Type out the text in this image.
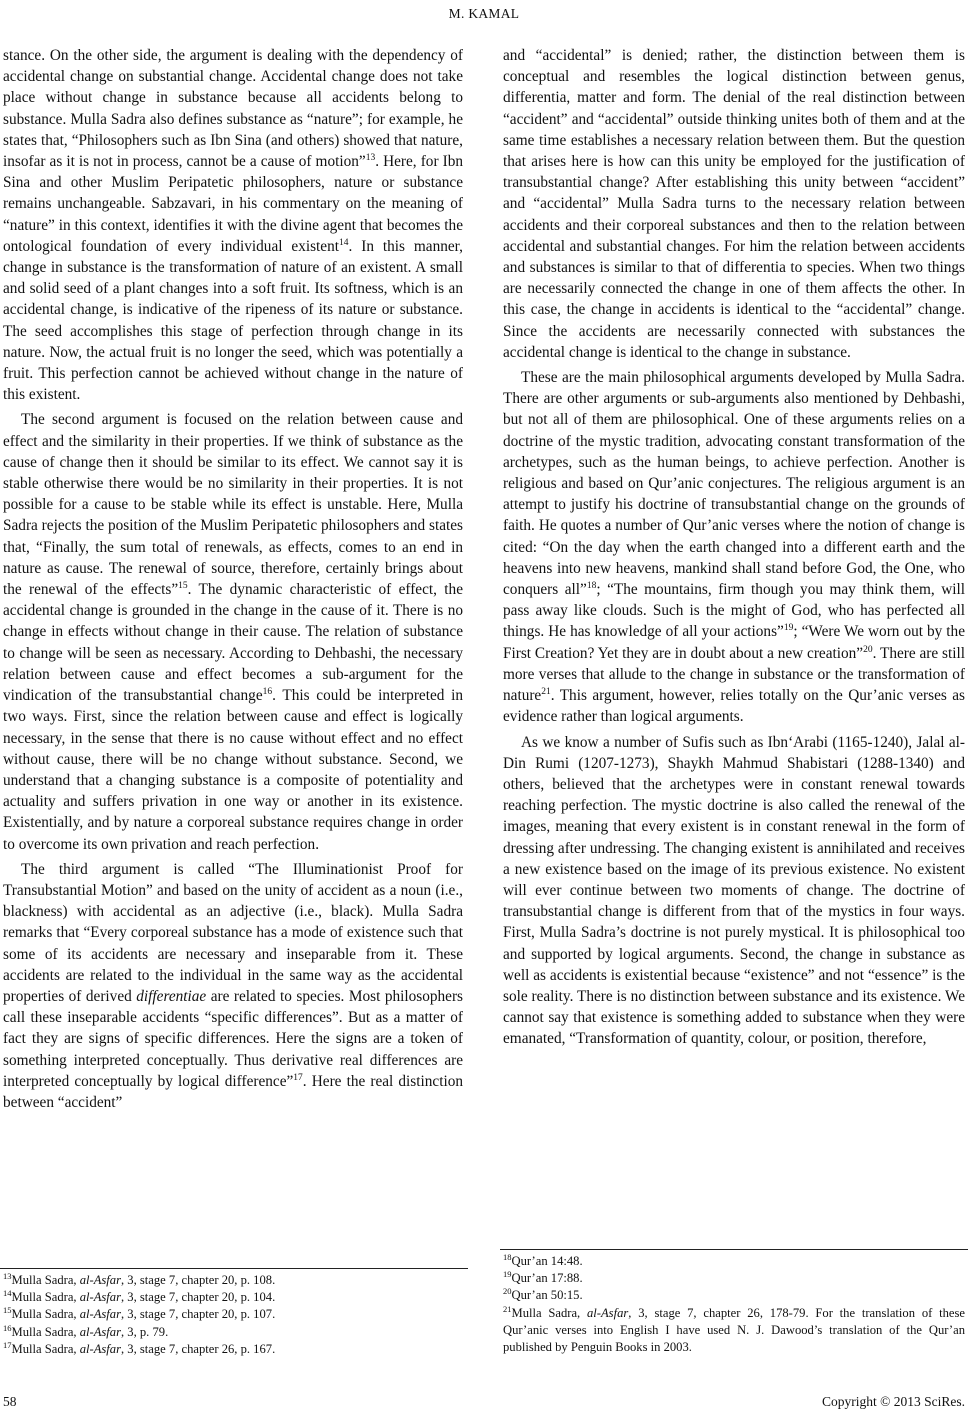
M. KAMAL

stance. On the other side, the argument is dealing with the dependency of accidental change on substantial change. Accidental change does not take place without change in substance because all accidents belong to substance. Mulla Sadra also defines substance as “nature”; for example, he states that, “Philosophers such as Ibn Sina (and others) showed that nature, insofar as it is not in process, cannot be a cause of motion”$^{13}$. Here, for Ibn Sina and other Muslim Peripatetic philosophers, nature or substance remains unchangeable. Sabzavari, in his commentary on the meaning of “nature” in this context, identifies it with the divine agent that becomes the ontological foundation of every individual existent$^{14}$. In this manner, change in substance is the transformation of nature of an existent. A small and solid seed of a plant changes into a soft fruit. Its softness, which is an accidental change, is indicative of the ripeness of its nature or substance. The seed accomplishes this stage of perfection through change in its nature. Now, the actual fruit is no longer the seed, which was potentially a fruit. This perfection cannot be achieved without change in the nature of this existent.

The second argument is focused on the relation between cause and effect and the similarity in their properties. If we think of substance as the cause of change then it should be similar to its effect. We cannot say it is stable otherwise there would be no similarity in their properties. It is not possible for a cause to be stable while its effect is unstable. Here, Mulla Sadra rejects the position of the Muslim Peripatetic philosophers and states that, “Finally, the sum total of renewals, as effects, comes to an end in nature as cause. The renewal of source, therefore, certainly brings about the renewal of the effects”$^{15}$. The dynamic characteristic of effect, the accidental change is grounded in the change in the cause of it. There is no change in effects without change in their cause. The relation of substance to change will be seen as necessary. According to Dehbashi, the necessary relation between cause and effect becomes a sub-argument for the vindication of the transubstantial change$^{16}$. This could be interpreted in two ways. First, since the relation between cause and effect is logically necessary, in the sense that there is no cause without effect and no effect without cause, there will be no change without substance. Second, we understand that a changing substance is a composite of potentiality and actuality and suffers privation in one way or another in its existence. Existentially, and by nature a corporeal substance requires change in order to overcome its own privation and reach perfection.

The third argument is called “The Illuminationist Proof for Transubstantial Motion” and based on the unity of accident as a noun (i.e., blackness) with accidental as an adjective (i.e., black). Mulla Sadra remarks that “Every corporeal substance has a mode of existence such that some of its accidents are necessary and inseparable from it. These accidents are related to the individual in the same way as the accidental properties of derived differentiae are related to species. Most philosophers call these inseparable accidents “specific differences”. But as a matter of fact they are signs of specific differences. Here the signs are a token of something interpreted conceptually. Thus derivative real differences are interpreted conceptually by logical difference”$^{17}$. Here the real distinction between “accident”

and “accidental” is denied; rather, the distinction between them is conceptual and resembles the logical distinction between genus, differentia, matter and form. The denial of the real distinction between “accident” and “accidental” outside thinking unites both of them and at the same time establishes a necessary relation between them. But the question that arises here is how can this unity be employed for the justification of transubstantial change? After establishing this unity between “accident” and “accidental” Mulla Sadra turns to the necessary relation between accidents and their corporeal substances and then to the relation between accidental and substantial changes. For him the relation between accidents and substances is similar to that of differentia to species. When two things are necessarily connected the change in one of them affects the other. In this case, the change in accidents is identical to the “accidental” change. Since the accidents are necessarily connected with substances the accidental change is identical to the change in substance.

These are the main philosophical arguments developed by Mulla Sadra. There are other arguments or sub-arguments also mentioned by Dehbashi, but not all of them are philosophical. One of these arguments relies on a doctrine of the mystic tradition, advocating constant transformation of the archetypes, such as the human beings, to achieve perfection. Another is religious and based on Qur’anic conjectures. The religious argument is an attempt to justify his doctrine of transubstantial change on the grounds of faith. He quotes a number of Qur’anic verses where the notion of change is cited: “On the day when the earth changed into a different earth and the heavens into new heavens, mankind shall stand before God, the One, who conquers all”$^{18}$; “The mountains, firm though you may think them, will pass away like clouds. Such is the might of God, who has perfected all things. He has knowledge of all your actions”$^{19}$; “Were We worn out by the First Creation? Yet they are in doubt about a new creation”$^{20}$. There are still more verses that allude to the change in substance or the transformation of nature$^{21}$. This argument, however, relies totally on the Qur’anic verses as evidence rather than logical arguments.

As we know a number of Sufis such as Ibn‘Arabi (1165-1240), Jalal al-Din Rumi (1207-1273), Shaykh Mahmud Shabistari (1288-1340) and others, believed that the archetypes were in constant renewal towards reaching perfection. The mystic doctrine is also called the renewal of the images, meaning that every existent is in constant renewal in the form of dressing after undressing. The changing existent is annihilated and receives a new existence based on the image of its previous existence. No existent will ever continue between two moments of change. The doctrine of transubstantial change is different from that of the mystics in four ways. First, Mulla Sadra’s doctrine is not purely mystical. It is philosophical too and supported by logical arguments. Second, the change in substance as well as accidents is existential because “existence” and not “essence” is the sole reality. There is no distinction between substance and its existence. We cannot say that existence is something added to substance when they were emanated, “Transformation of quantity, colour, or position, therefore,

$^{13}$Mulla Sadra, al-Asfar, 3, stage 7, chapter 20, p. 108.
$^{14}$Mulla Sadra, al-Asfar, 3, stage 7, chapter 20, p. 104.
$^{15}$Mulla Sadra, al-Asfar, 3, stage 7, chapter 20, p. 107.
$^{16}$Mulla Sadra, al-Asfar, 3, p. 79.
$^{17}$Mulla Sadra, al-Asfar, 3, stage 7, chapter 26, p. 167.
$^{18}$Qur’an 14:48.
$^{19}$Qur’an 17:88.
$^{20}$Qur’an 50:15.
$^{21}$Mulla Sadra, al-Asfar, 3, stage 7, chapter 26, 178-79. For the translation of these Qur’anic verses into English I have used N. J. Dawood’s translation of the Qur’an published by Penguin Books in 2003.
58	Copyright © 2013 SciRes.
